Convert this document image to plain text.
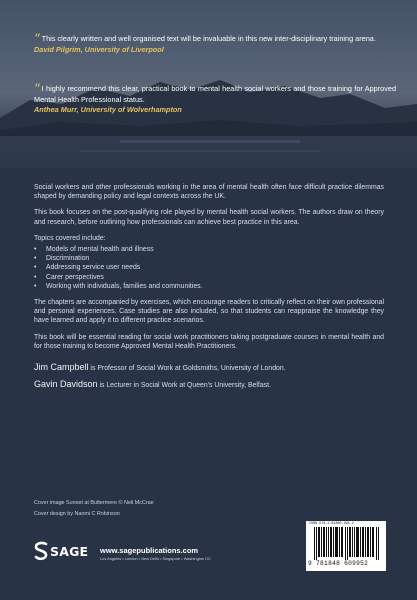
“This clearly written and well organised text will be invaluable in this new inter-disciplinary training arena.
David Pilgrim, University of Liverpool
“I highly recommend this clear, practical book to mental health social workers and those training for Approved Mental Health Professional status.
Anthea Murr, University of Wolverhampton

Social workers and other professionals working in the area of mental health often face difficult practice dilemmas shaped by demanding policy and legal contexts across the UK.

This book focuses on the post-qualifying role played by mental health social workers. The authors draw on theory and research, before outlining how professionals can achieve best practice in this area.

Topics covered include:

• Models of mental health and illness
• Discrimination
• Addressing service user needs
• Carer perspectives
• Working with individuals, families and communities.

The chapters are accompanied by exercises, which encourage readers to critically reflect on their own professional and personal experiences. Case studies are also included, so that students can reappraise the knowledge they have learned and apply it to different practice scenarios.

This book will be essential reading for social work practitioners taking postgraduate courses in mental health and for those training to become Approved Mental Health Practitioners.

Jim Campbell is Professor of Social Work at Goldsmiths, University of London.

Gavin Davidson is Lecturer in Social Work at Queen's University, Belfast.

Cover image Sunset at Buttermere © Neil McCrae
Cover design by Naomi C Robinson
SAGE www.sagepublications.com
Los Angeles • London • New Delhi • Singapore • Washington DC
ISBN 978-1-84860-995-2
9 781848 609952
